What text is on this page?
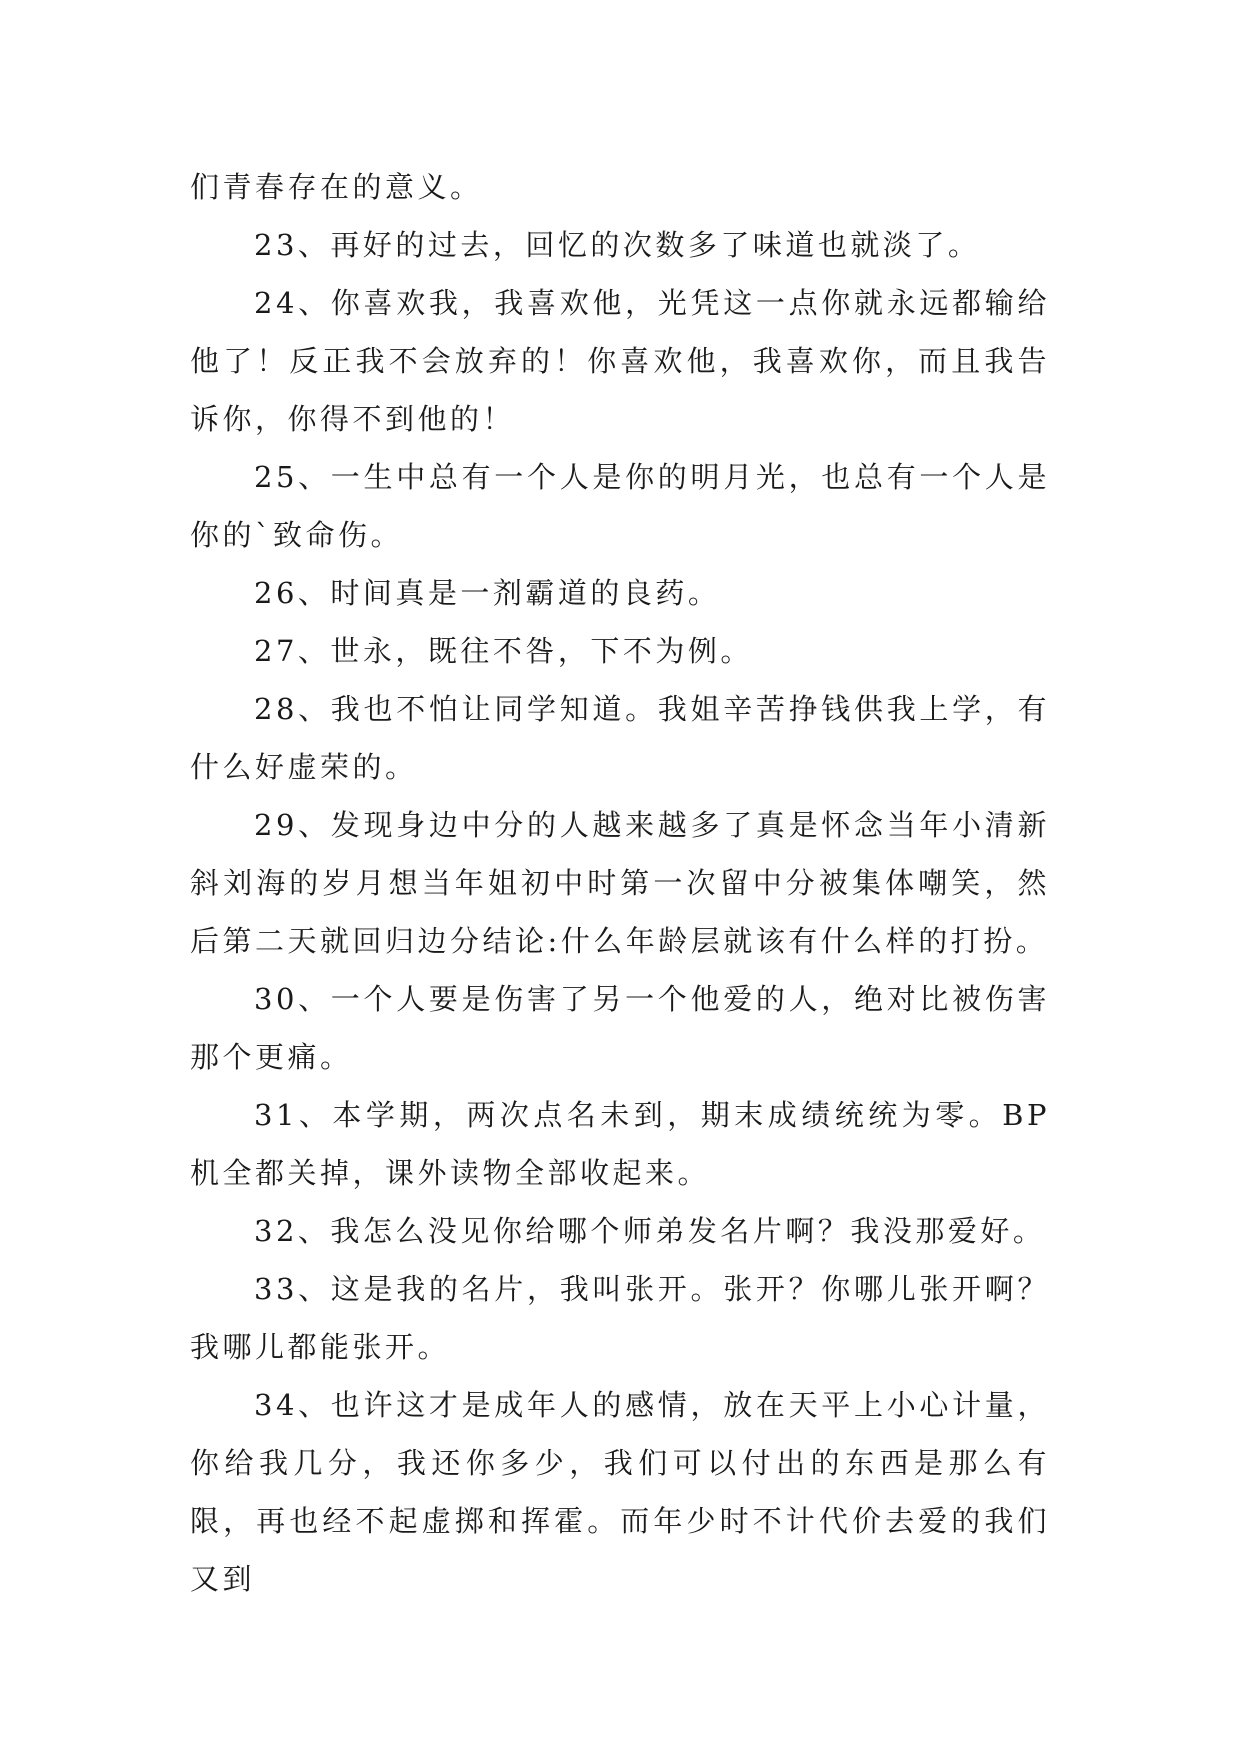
们青春存在的意义。

23、再好的过去，回忆的次数多了味道也就淡了。

24、你喜欢我，我喜欢他，光凭这一点你就永远都输给他了！反正我不会放弃的！你喜欢他，我喜欢你，而且我告诉你，你得不到他的！

25、一生中总有一个人是你的明月光，也总有一个人是你的`致命伤。

26、时间真是一剂霸道的良药。

27、世永，既往不咎，下不为例。

28、我也不怕让同学知道。我姐辛苦挣钱供我上学，有什么好虚荣的。

29、发现身边中分的人越来越多了真是怀念当年小清新斜刘海的岁月想当年姐初中时第一次留中分被集体嘲笑，然后第二天就回归边分结论:什么年龄层就该有什么样的打扮。

30、一个人要是伤害了另一个他爱的人，绝对比被伤害那个更痛。

31、本学期，两次点名未到，期末成绩统统为零。BP机全都关掉，课外读物全部收起来。

32、我怎么没见你给哪个师弟发名片啊？我没那爱好。

33、这是我的名片，我叫张开。张开？你哪儿张开啊？我哪儿都能张开。

34、也许这才是成年人的感情，放在天平上小心计量，你给我几分，我还你多少，我们可以付出的东西是那么有限，再也经不起虚掷和挥霍。而年少时不计代价去爱的我们又到
